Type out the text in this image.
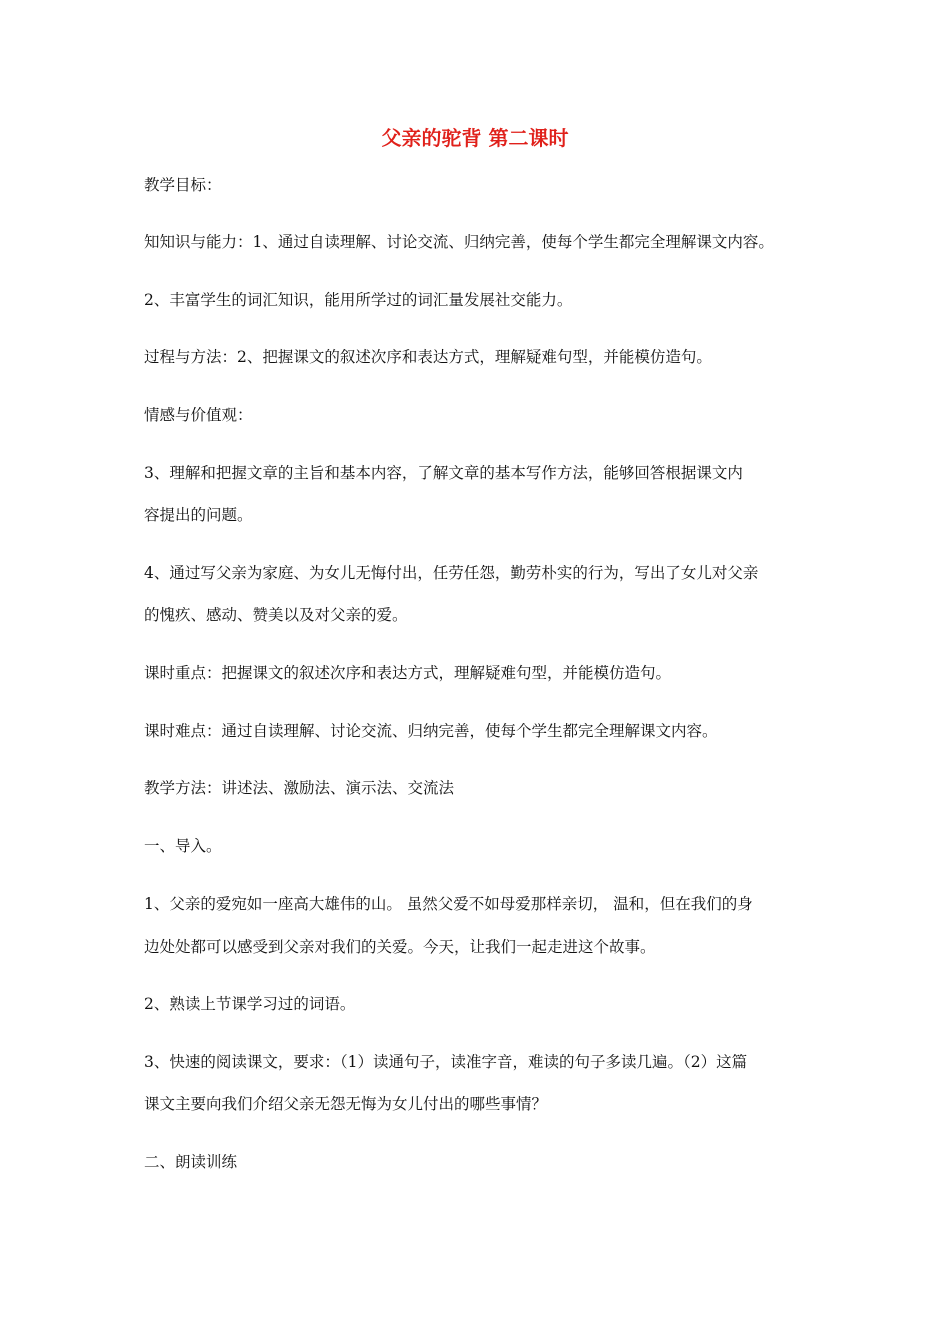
父亲的驼背 第二课时
教学目标：
知知识与能力：1、通过自读理解、讨论交流、归纳完善，使每个学生都完全理解课文内容。
2、丰富学生的词汇知识，能用所学过的词汇量发展社交能力。
过程与方法：2、把握课文的叙述次序和表达方式，理解疑难句型，并能模仿造句。
情感与价值观：
3、理解和把握文章的主旨和基本内容，了解文章的基本写作方法，能够回答根据课文内
容提出的问题。
4、通过写父亲为家庭、为女儿无悔付出，任劳任怨，勤劳朴实的行为，写出了女儿对父亲
的愧疚、感动、赞美以及对父亲的爱。
课时重点：把握课文的叙述次序和表达方式，理解疑难句型，并能模仿造句。
课时难点：通过自读理解、讨论交流、归纳完善，使每个学生都完全理解课文内容。
教学方法：讲述法、激励法、演示法、交流法
一、导入。
1、父亲的爱宛如一座高大雄伟的山。 虽然父爱不如母爱那样亲切， 温和，但在我们的身
边处处都可以感受到父亲对我们的关爱。今天，让我们一起走进这个故事。
2、熟读上节课学习过的词语。
3、快速的阅读课文，要求：（1）读通句子，读准字音，难读的句子多读几遍。（2）这篇
课文主要向我们介绍父亲无怨无悔为女儿付出的哪些事情？
二、朗读训练
